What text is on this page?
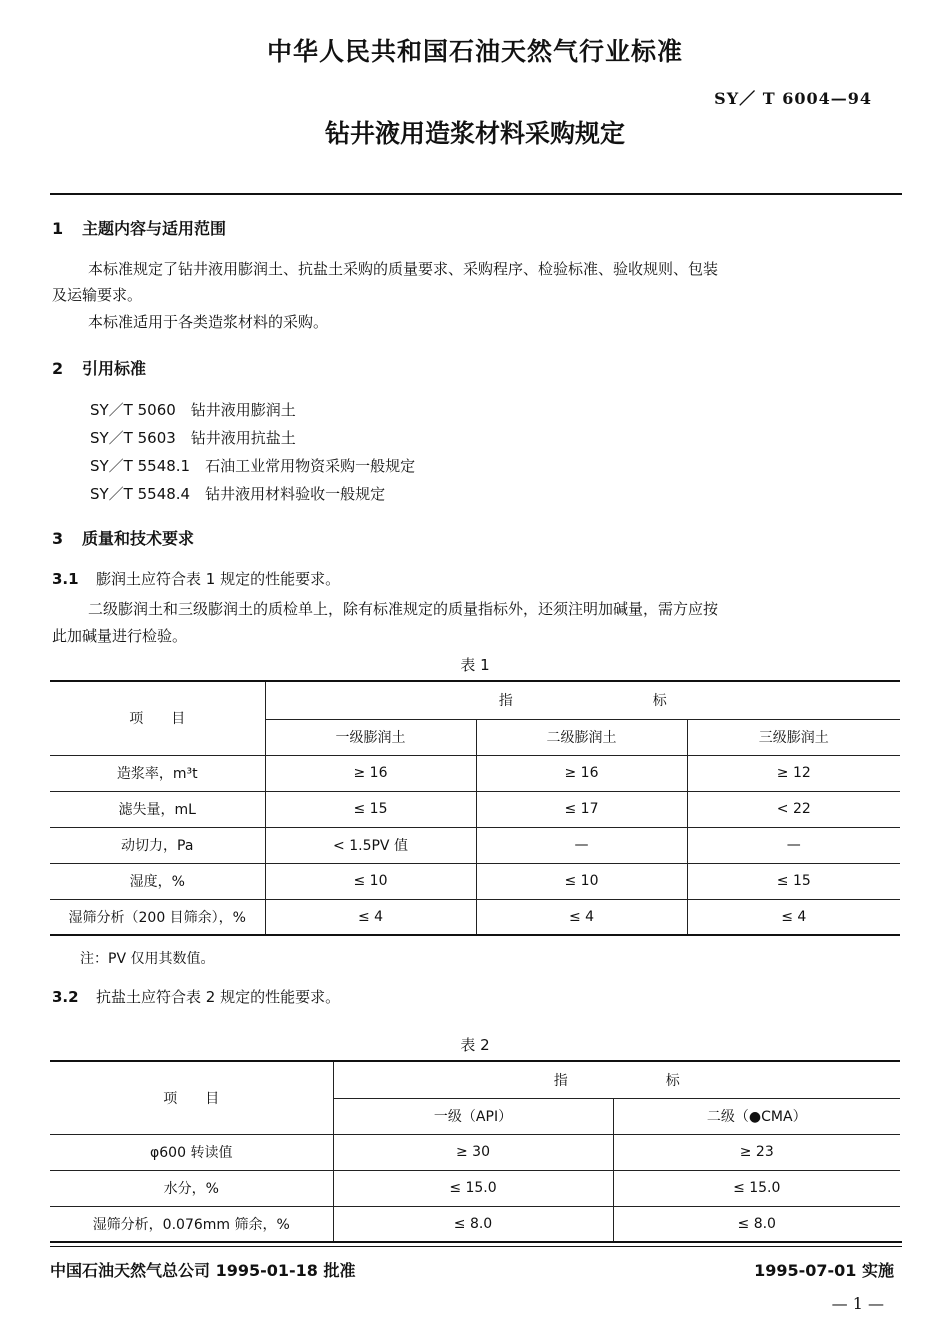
中华人民共和国石油天然气行业标准
SY／ T 6004—94
钻井液用造浆材料采购规定
1 主题内容与适用范围
本标准规定了钻井液用膨润土、抗盐土采购的质量要求、采购程序、检验标准、验收规则、包装
及运输要求。
本标准适用于各类造浆材料的采购。
2 引用标准
SY／T 5060　钻井液用膨润土
SY／T 5603　钻井液用抗盐土
SY／T 5548.1　石油工业常用物资采购一般规定
SY／T 5548.4　钻井液用材料验收一般规定
3 质量和技术要求
3.1 膨润土应符合表 1 规定的性能要求。
二级膨润土和三级膨润土的质检单上，除有标准规定的质量指标外，还须注明加碱量，需方应按
此加碱量进行检验。
表 1
项　　目	指　　　　　　　　　　标		
	一级膨润土	二级膨润土	三级膨润土
造浆率，m³t	≥ 16	≥ 16	≥ 12
滤失量，mL	≤ 15	≤ 17	< 22
动切力，Pa	< 1.5PV 值	—	—
湿度，%	≤ 10	≤ 10	≤ 15
湿筛分析（200 目筛余），%	≤ 4	≤ 4	≤ 4
注：PV 仅用其数值。
3.2 抗盐土应符合表 2 规定的性能要求。
表 2
项　　目	指　　　　　　　标	
	一级（API）	二级（●CMA）
φ600 转读值	≥ 30	≥ 23
水分，%	≤ 15.0	≤ 15.0
湿筛分析，0.076mm 筛余，%	≤ 8.0	≤ 8.0
中国石油天然气总公司 1995-01-18 批准	1995-07-01 实施
— 1 —
